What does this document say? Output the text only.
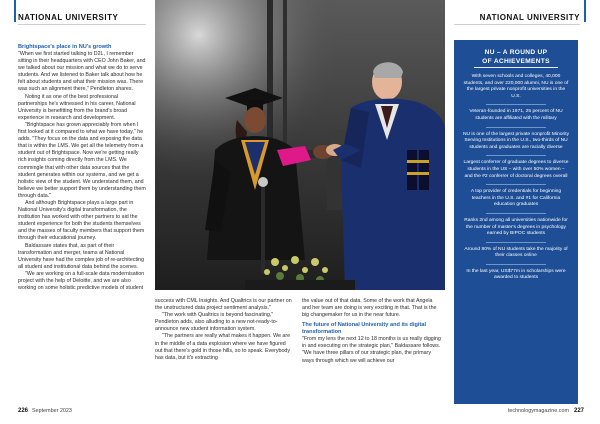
NATIONAL UNIVERSITY	NATIONAL UNIVERSITY
Brightspace's place in NU's growth

"When we first started talking to D2L, I remember sitting in their headquarters with CEO John Baker, and we talked about our mission and what we do to serve students. And we listened to Baker talk about how he felt about students and what their mission was. There was such an alignment there," Pendleton shares.

Noting it as one of the best professional partnerships he's witnessed in his career, National University is benefitting from the brand's broad experience in research and development.

"Brightspace has grown appreciably from when I first looked at it compared to what we have today," he adds. "They focus on the data and exposing the data that is within the LMS. We get all the telemetry from a student out of Brightspace. Now we're getting really rich insights coming directly from the LMS. We commingle that with other data sources that the student generates within our systems, and we get a holistic view of the student. We understand them, and believe we better support them by understanding them through data."

And although Brightspace plays a large part in National University's digital transformation, the institution has worked with other partners to aid the student experience for both the students themselves and the masses of faculty members that support them through their educational journey.

Baldassare states that, as part of their transformation and merger, teams at National University have had the complex job of re-architecting all student and institutional data behind the scenes.

"We are working on a full-scale data modernisation project with the help of Deloitte, and we are also working on some holistic predictive models of student

success with CML Insights. And Qualtrics is our partner on the unstructured data project sentiment analysis."

"The work with Qualtrics is beyond fascinating," Pendleton adds, also alluding to a new not-ready-to-announce new student information system.

"The partners are really what makes it happen. We are in the middle of a data explosion where we have figured out that there's gold in those hills, so to speak. Everybody has data, but it's extracting

the value out of that data. Some of the work that Angela and her team are doing is very exciting in that. That is the big changemaker for us in the near future.

The future of National University and its digital transformation

"From my lens the next 12 to 18 months is us really digging in and executing on the strategic plan," Baldassare follows. "We have three pillars of our strategic plan, the primary ways through which we will achieve our

NU – A ROUND UP
OF ACHIEVEMENTS
With seven schools and colleges, 40,000 students, and over 220,000 alumni, NU is one of the largest private nonprofit universities in the U.S.
Veteran-founded in 1971, 25 percent of NU students are affiliated with the military
NU is one of the largest private nonprofit Minority Serving Institutions in the U.S., two-thirds of NU students and graduates are racially diverse
Largest conferrer of graduate degrees to diverse students in the US – with over 50% women – and the #2 conferrer of doctoral degrees overall
A top provider of credentials for beginning teachers in the U.S. and #1 for California education graduates
Ranks 2nd among all universities nationwide for the number of master's degrees in psychology earned by BIPOC students
Around 80% of NU students take the majority of their classes online
In the last year, US$77m in scholarships were awarded to students
226 September 2023	technologymagazine.com 227
